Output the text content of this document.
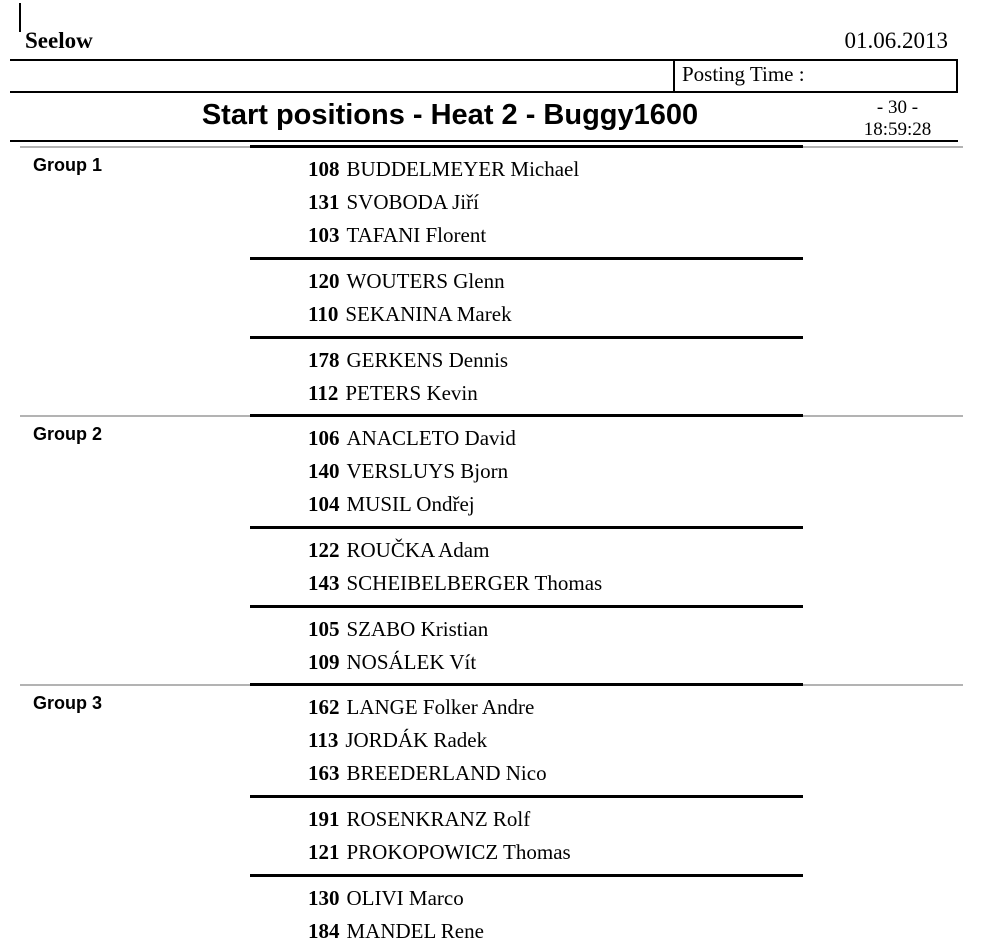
Seelow	01.06.2013
Posting Time :
Start positions - Heat 2 - Buggy1600	- 30 -
18:59:28
Group 1	108 BUDDELMEYER Michael
131 SVOBODA Jiří
103 TAFANI Florent
120 WOUTERS Glenn
110 SEKANINA Marek
178 GERKENS Dennis
112 PETERS Kevin
Group 2	106 ANACLETO David
140 VERSLUYS Bjorn
104 MUSIL Ondřej
122 ROUČKA Adam
143 SCHEIBELBERGER Thomas
105 SZABO Kristian
109 NOSÁLEK Vít
Group 3	162 LANGE Folker Andre
113 JORDÁK Radek
163 BREEDERLAND Nico
191 ROSENKRANZ Rolf
121 PROKOPOWICZ Thomas
130 OLIVI Marco
184 MANDEL Rene
